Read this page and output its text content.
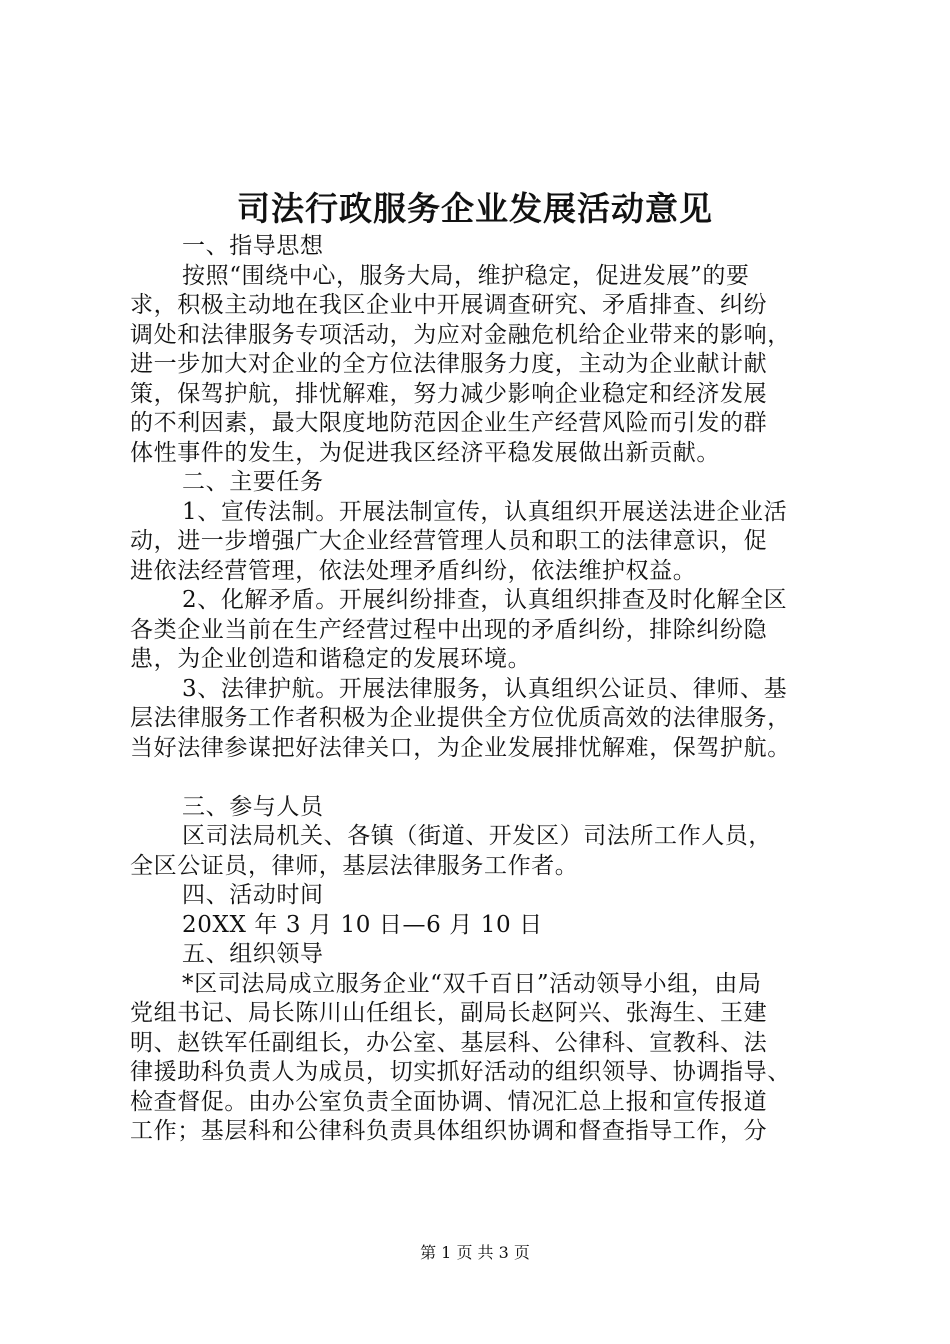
司法行政服务企业发展活动意见
一、指导思想
按照“围绕中心，服务大局，维护稳定，促进发展”的要
求，积极主动地在我区企业中开展调查研究、矛盾排查、纠纷
调处和法律服务专项活动，为应对金融危机给企业带来的影响，
进一步加大对企业的全方位法律服务力度，主动为企业献计献
策，保驾护航，排忧解难，努力减少影响企业稳定和经济发展
的不利因素，最大限度地防范因企业生产经营风险而引发的群
体性事件的发生，为促进我区经济平稳发展做出新贡献。
二、主要任务
1、宣传法制。开展法制宣传，认真组织开展送法进企业活
动，进一步增强广大企业经营管理人员和职工的法律意识，促
进依法经营管理，依法处理矛盾纠纷，依法维护权益。
2、化解矛盾。开展纠纷排查，认真组织排查及时化解全区
各类企业当前在生产经营过程中出现的矛盾纠纷，排除纠纷隐
患，为企业创造和谐稳定的发展环境。
3、法律护航。开展法律服务，认真组织公证员、律师、基
层法律服务工作者积极为企业提供全方位优质高效的法律服务，
当好法律参谋把好法律关口，为企业发展排忧解难，保驾护航。
三、参与人员
区司法局机关、各镇（街道、开发区）司法所工作人员，
全区公证员，律师，基层法律服务工作者。
四、活动时间
20XX 年 3 月 10 日—6 月 10 日
五、组织领导
*区司法局成立服务企业“双千百日”活动领导小组，由局
党组书记、局长陈川山任组长，副局长赵阿兴、张海生、王建
明、赵铁军任副组长，办公室、基层科、公律科、宣教科、法
律援助科负责人为成员，切实抓好活动的组织领导、协调指导、
检查督促。由办公室负责全面协调、情况汇总上报和宣传报道
工作；基层科和公律科负责具体组织协调和督查指导工作，分
第 1 页 共 3 页
